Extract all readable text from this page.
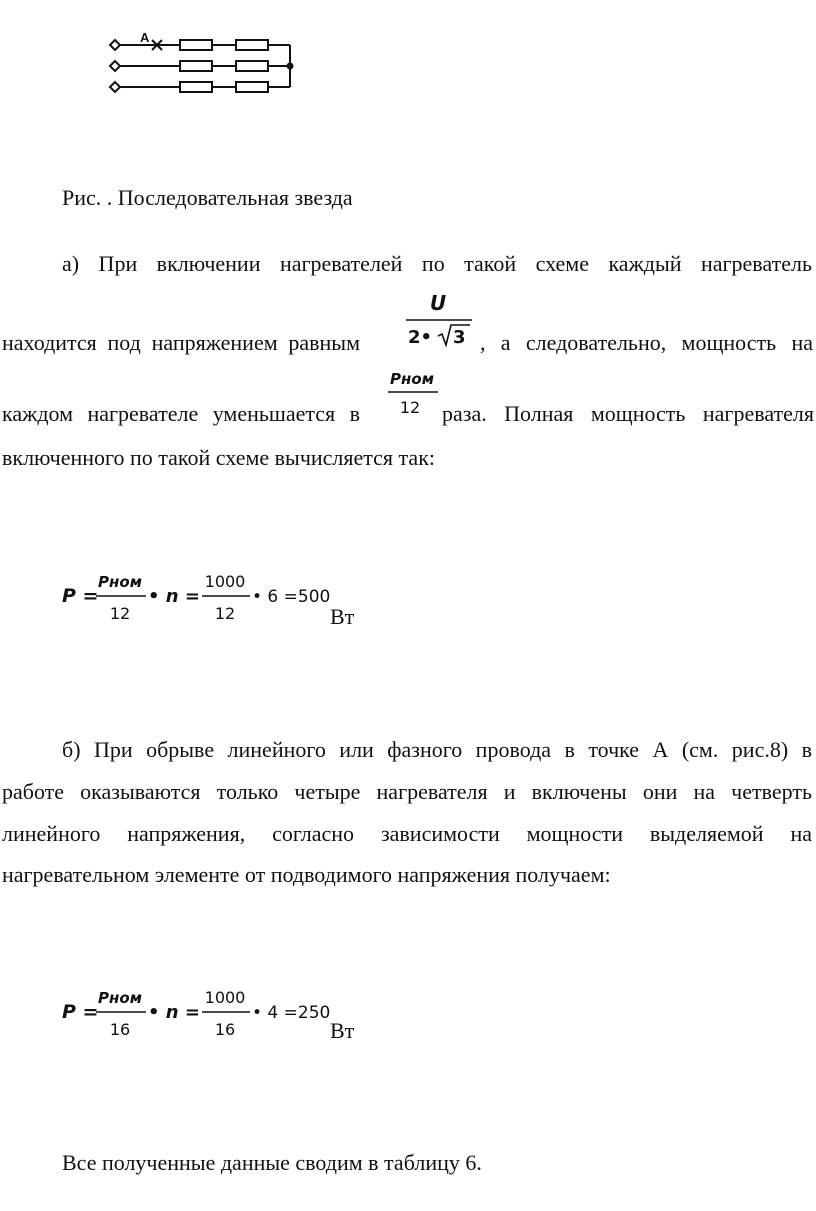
A
Рис. . Последовательная звезда
а) При включении нагревателей по такой схеме каждый нагреватель
находится под напряжением равным
U
2• 3 , а следовательно, мощность на
каждом нагревателе уменьшается в
Pном
12 раза. Полная мощность нагревателя
включенного по такой схеме вычисляется так:
P =
Pном
12
• n =
1000
12
• 6 =500
Вт
б) При обрыве линейного или фазного провода в точке А (см. рис.8) в
работе оказываются только четыре нагревателя и включены они на четверть
линейного напряжения, согласно зависимости мощности выделяемой на
нагревательном элементе от подводимого напряжения получаем:
P =
Pном
16
• n =
1000
16
• 4 =250
Вт
Все полученные данные сводим в таблицу 6.
